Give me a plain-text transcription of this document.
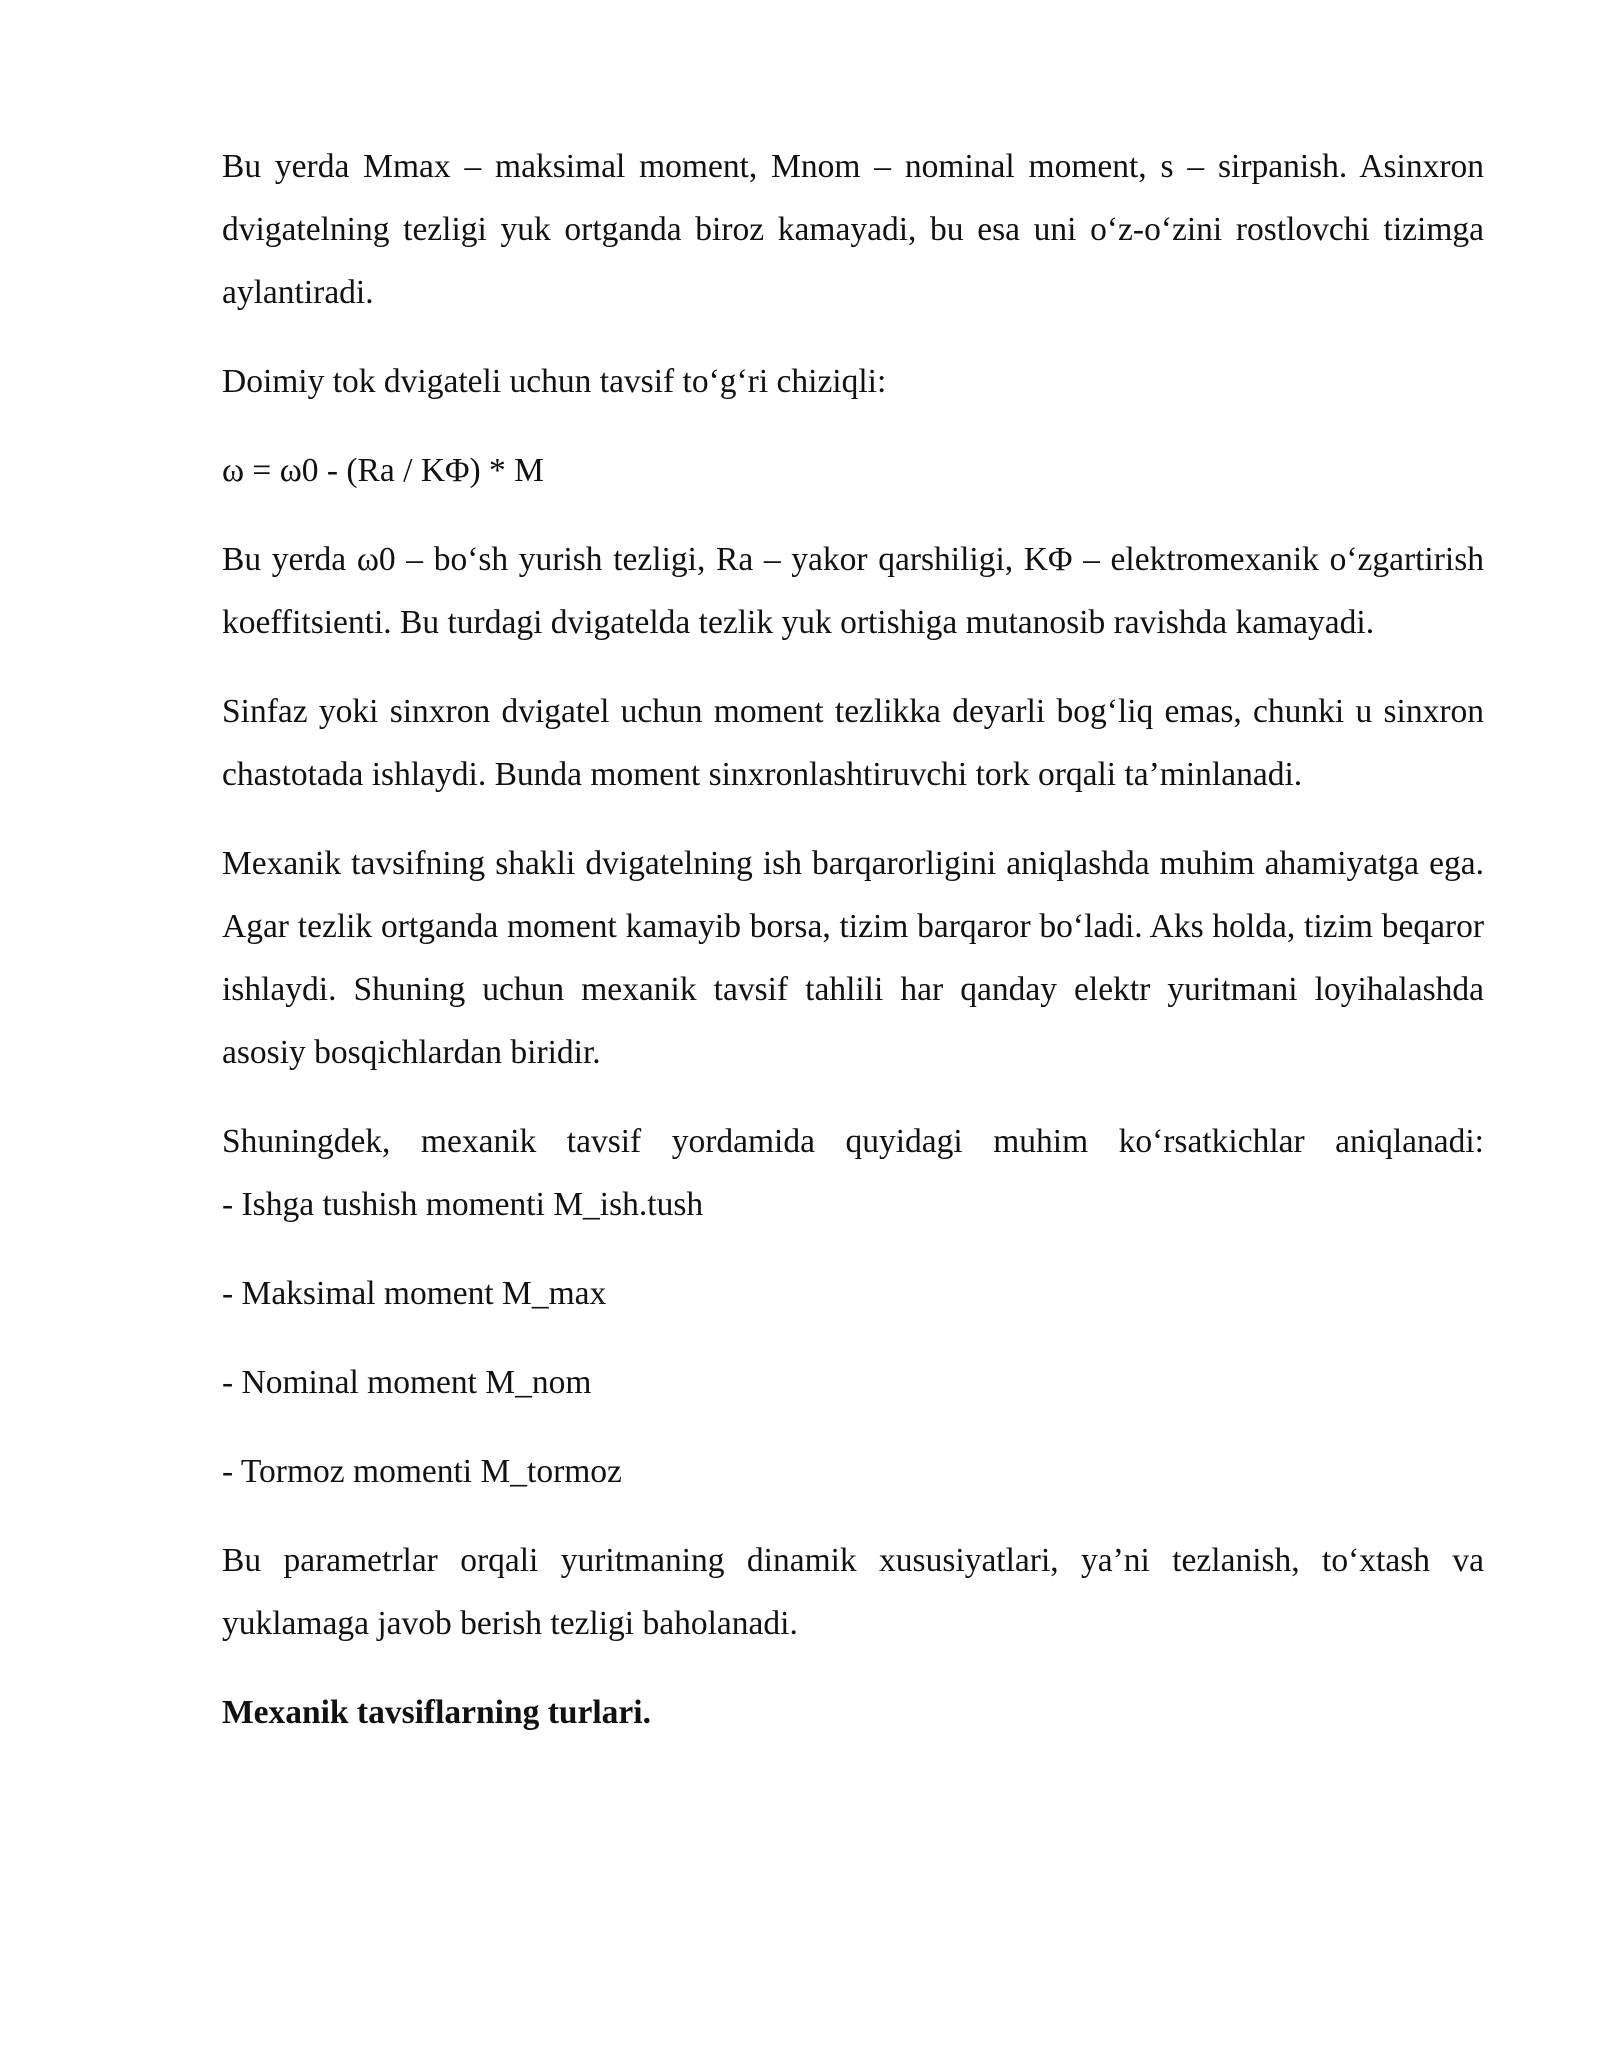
Bu yerda Mmax – maksimal moment, Mnom – nominal moment, s – sirpanish. Asinxron dvigatelning tezligi yuk ortganda biroz kamayadi, bu esa uni o‘z-o‘zini rostlovchi tizimga aylantiradi.

Doimiy tok dvigateli uchun tavsif to‘g‘ri chiziqli:

ω = ω0 - (Ra / KΦ) * M

Bu yerda ω0 – bo‘sh yurish tezligi, Ra – yakor qarshiligi, KΦ – elektromexanik o‘zgartirish koeffitsienti. Bu turdagi dvigatelda tezlik yuk ortishiga mutanosib ravishda kamayadi.

Sinfaz yoki sinxron dvigatel uchun moment tezlikka deyarli bog‘liq emas, chunki u sinxron chastotada ishlaydi. Bunda moment sinxronlashtiruvchi tork orqali ta’minlanadi.

Mexanik tavsifning shakli dvigatelning ish barqarorligini aniqlashda muhim ahamiyatga ega. Agar tezlik ortganda moment kamayib borsa, tizim barqaror bo‘ladi. Aks holda, tizim beqaror ishlaydi. Shuning uchun mexanik tavsif tahlili har qanday elektr yuritmani loyihalashda asosiy bosqichlardan biridir.

Shuningdek, mexanik tavsif yordamida quyidagi muhim ko‘rsatkichlar aniqlanadi:
- Ishga tushish momenti M_ish.tush

- Maksimal moment M_max

- Nominal moment M_nom

- Tormoz momenti M_tormoz

Bu parametrlar orqali yuritmaning dinamik xususiyatlari, ya’ni tezlanish, to‘xtash va yuklamaga javob berish tezligi baholanadi.

Mexanik tavsiflarning turlari.
